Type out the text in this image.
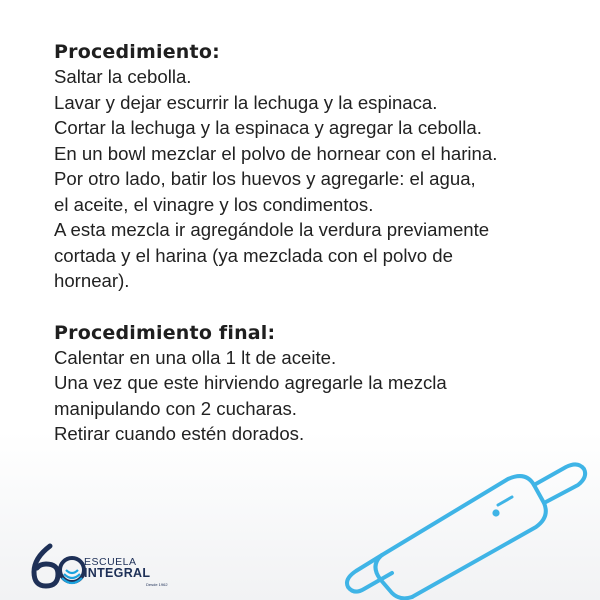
Procedimiento:
Saltar la cebolla.
Lavar y dejar escurrir la lechuga y la espinaca.
Cortar la lechuga y la espinaca y agregar la cebolla.
En un bowl mezclar el polvo de hornear con el harina.
Por otro lado, batir los huevos y agregarle: el agua,
el aceite, el vinagre y los condimentos.
A esta mezcla ir agregándole la verdura previamente
cortada y el harina (ya mezclada con el polvo de
hornear).
Procedimiento final:
Calentar en una olla 1 lt de aceite.
Una vez que este hirviendo agregarle la mezcla
manipulando con 2 cucharas.
Retirar cuando estén dorados.
ESCUELA
INTEGRAL
Desde 1962
